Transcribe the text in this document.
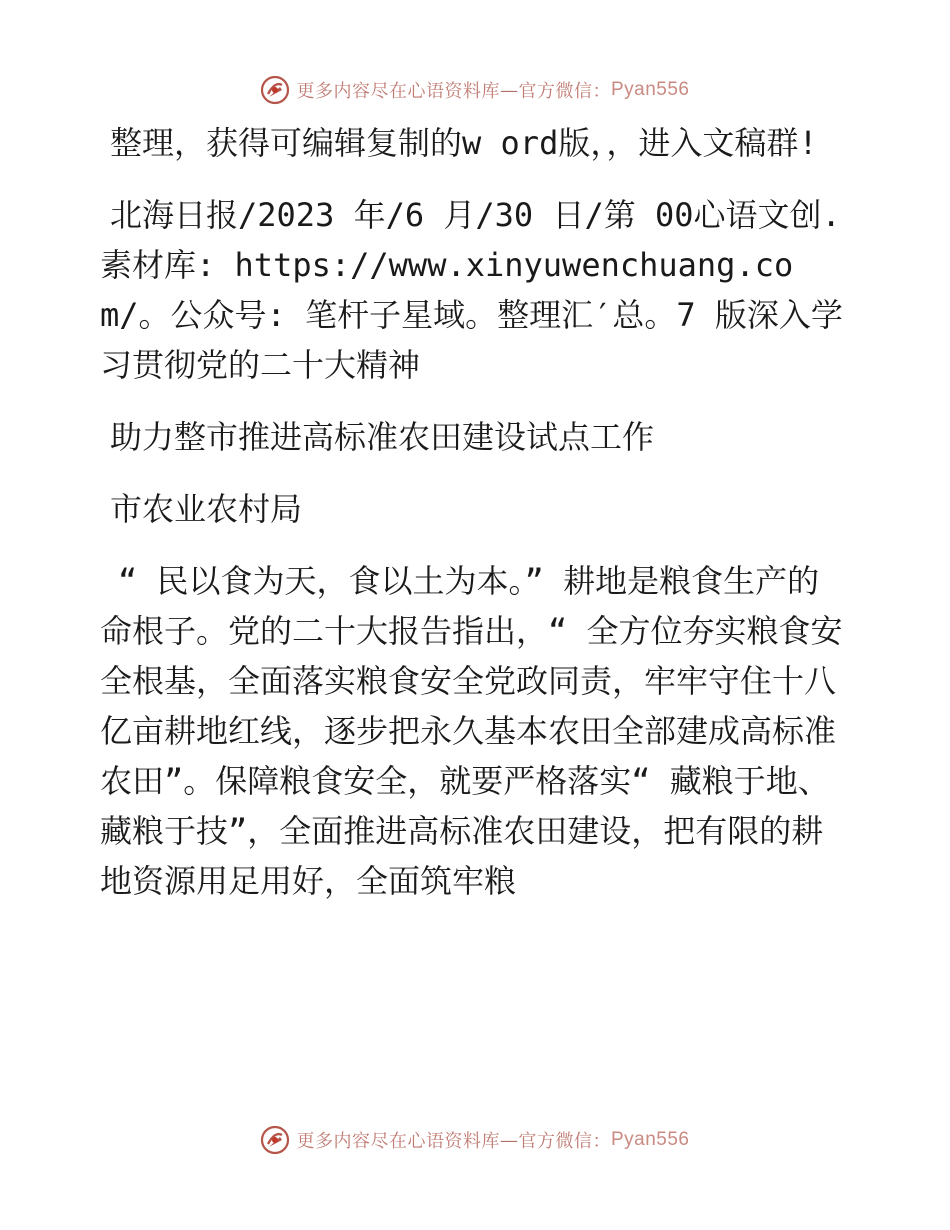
更多内容尽在心语资料库 — 官方微信： Pyan556

整理，获得可编辑复制的w ord版，，进入文稿群!

北海日报/2023 年/6 月/30 日/第 00心语文创.素材库: https://www.xinyuwenchuang.com/。公众号: 笔杆子星域。整理汇′总。7 版深入学习贯彻党的二十大精神

助力整市推进高标准农田建设试点工作

市农业农村局

“ 民以食为天，食以土为本。” 耕地是粮食生产的命根子。党的二十大报告指出，“ 全方位夯实粮食安全根基，全面落实粮食安全党政同责，牢牢守住十八亿亩耕地红线，逐步把永久基本农田全部建成高标准农田”。保障粮食安全，就要严格落实“ 藏粮于地、藏粮于技”，全面推进高标准农田建设，把有限的耕地资源用足用好，全面筑牢粮

更多内容尽在心语资料库 — 官方微信： Pyan556
